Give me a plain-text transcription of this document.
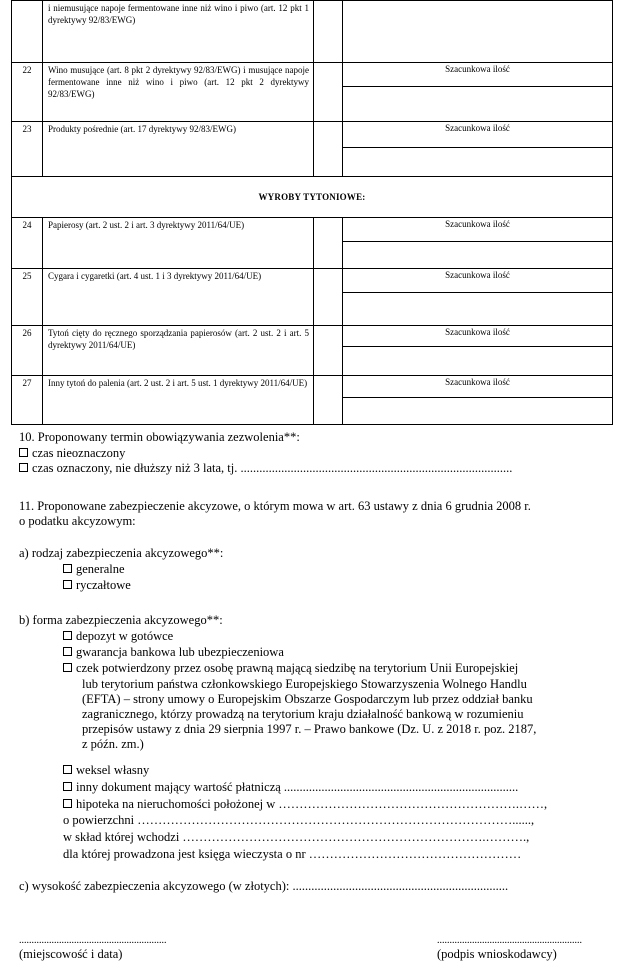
	i niemusujące napoje fermentowane inne niż wino i piwo (art. 12 pkt 1 dyrektywy 92/83/EWG)		

22	Wino musujące (art. 8 pkt 2 dyrektywy 92/83/EWG) i musujące napoje fermentowane inne niż wino i piwo (art. 12 pkt 2 dyrektywy 92/83/EWG)		Szacunkowa ilość

23	Produkty pośrednie (art. 17 dyrektywy 92/83/EWG)		Szacunkowa ilość

WYROBY TYTONIOWE:			
24	Papierosy (art. 2 ust. 2 i art. 3 dyrektywy 2011/64/UE)		Szacunkowa ilość

25	Cygara i cygaretki (art. 4 ust. 1 i 3 dyrektywy 2011/64/UE)		Szacunkowa ilość

26	Tytoń cięty do ręcznego sporządzania papierosów (art. 2 ust. 2 i art. 5 dyrektywy 2011/64/UE)		Szacunkowa ilość

27	Inny tytoń do palenia (art. 2 ust. 2 i art. 5 ust. 1 dyrektywy 2011/64/UE)		Szacunkowa ilość
10. Proponowany termin obowiązywania zezwolenia**:
czas nieoznaczony
czas oznaczony, nie dłuższy niż 3 lata, tj. .......................................................................................
11. Proponowane zabezpieczenie akcyzowe, o którym mowa w art. 63 ustawy z dnia 6 grudnia 2008 r.
o podatku akcyzowym:
a) rodzaj zabezpieczenia akcyzowego**:
generalne
ryczałtowe
b) forma zabezpieczenia akcyzowego**:
depozyt w gotówce
gwarancja bankowa lub ubezpieczeniowa
czek potwierdzony przez osobę prawną mającą siedzibę na terytorium Unii Europejskiej
lub terytorium państwa członkowskiego Europejskiego Stowarzyszenia Wolnego Handlu
(EFTA) – strony umowy o Europejskim Obszarze Gospodarczym lub przez oddział banku
zagranicznego, którzy prowadzą na terytorium kraju działalność bankową w rozumieniu
przepisów ustawy z dnia 29 sierpnia 1997 r. – Prawo bankowe (Dz. U. z 2018 r. poz. 2187,
z późn. zm.)
weksel własny
inny dokument mający wartość płatniczą ...........................................................................
hipoteka na nieruchomości położonej w ………………………………………………….……,
o powierzchni ………………………………………………………………………………......,
w skład której wchodzi ……………………………………………………………….……….,
dla której prowadzona jest księga wieczysta o nr ……………………………………………
c) wysokość zabezpieczenia akcyzowego (w złotych): .....................................................................
...........................................................
(miejscowość i data)
..........................................................
(podpis wnioskodawcy)
